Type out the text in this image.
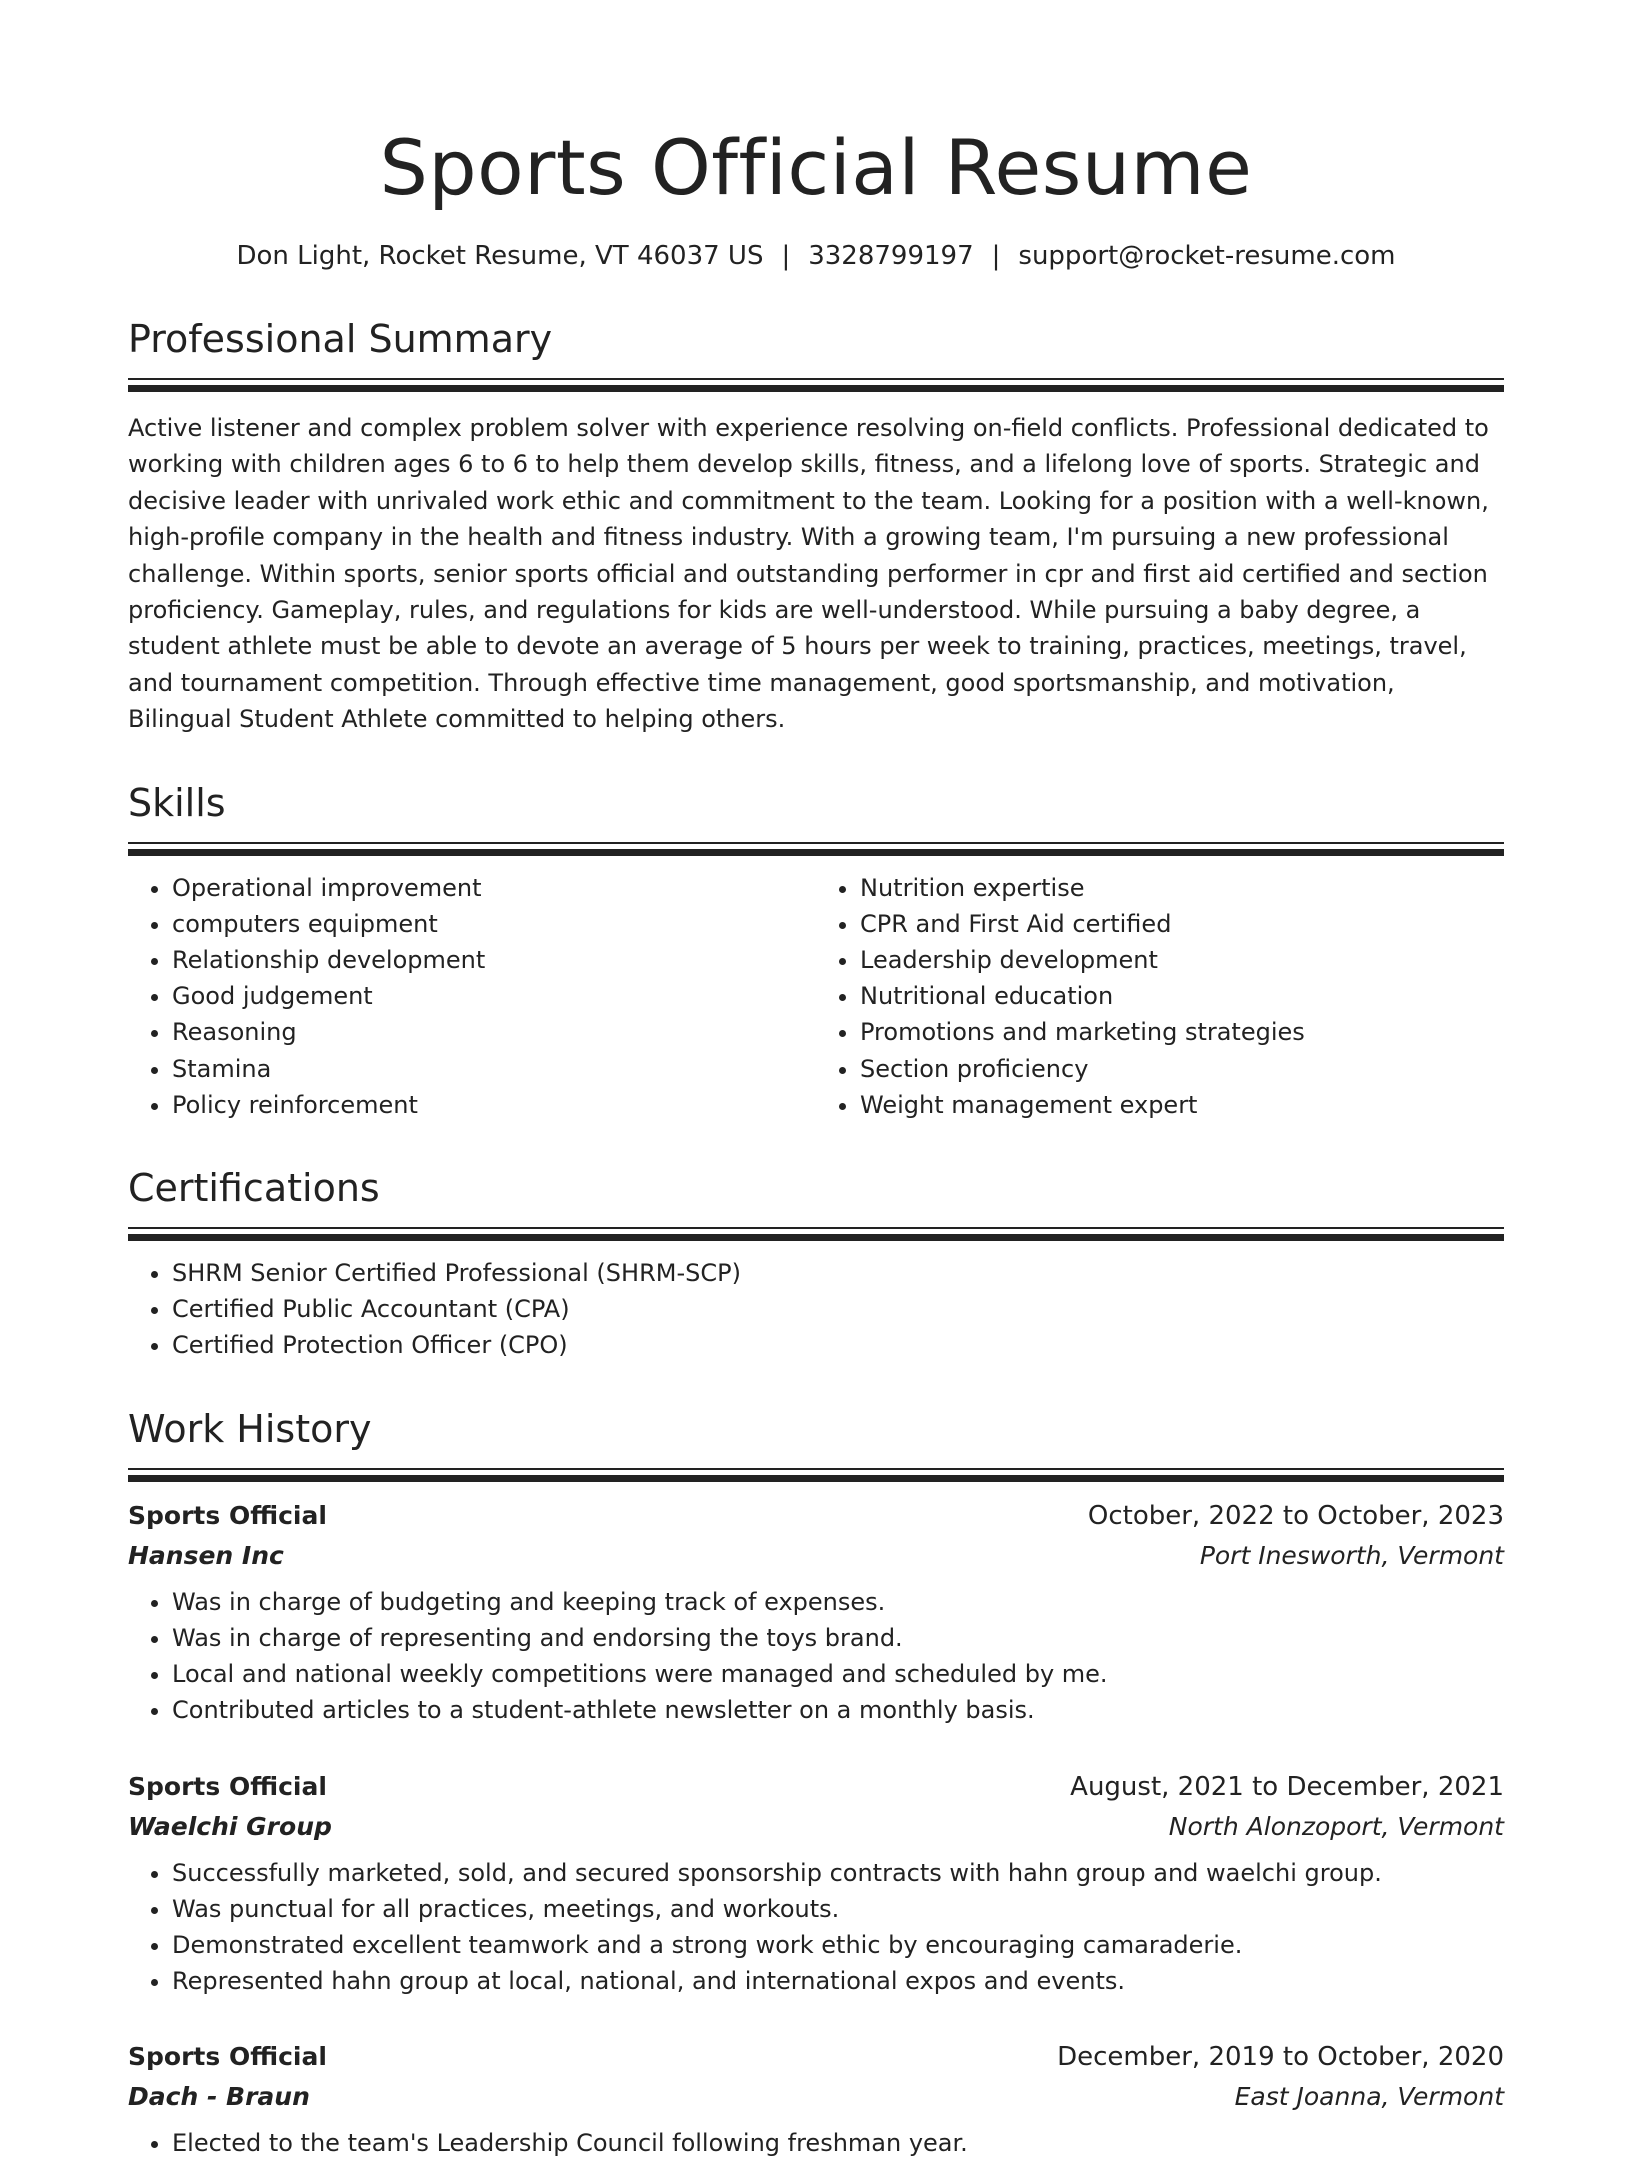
Sports Official Resume
Don Light, Rocket Resume, VT 46037 US | 3328799197 | support@rocket-resume.com
Professional Summary

Active listener and complex problem solver with experience resolving on-field conflicts. Professional dedicated to working with children ages 6 to 6 to help them develop skills, fitness, and a lifelong love of sports. Strategic and decisive leader with unrivaled work ethic and commitment to the team. Looking for a position with a well-known, high-profile company in the health and fitness industry. With a growing team, I'm pursuing a new professional challenge. Within sports, senior sports official and outstanding performer in cpr and first aid certified and section proficiency. Gameplay, rules, and regulations for kids are well-understood. While pursuing a baby degree, a student athlete must be able to devote an average of 5 hours per week to training, practices, meetings, travel, and tournament competition. Through effective time management, good sportsmanship, and motivation, Bilingual Student Athlete committed to helping others.

Skills
• Operational improvement
• computers equipment
• Relationship development
• Good judgement
• Reasoning
• Stamina
• Policy reinforcement
• Nutrition expertise
• CPR and First Aid certified
• Leadership development
• Nutritional education
• Promotions and marketing strategies
• Section proficiency
• Weight management expert
Certifications
• SHRM Senior Certified Professional (SHRM-SCP)
• Certified Public Accountant (CPA)
• Certified Protection Officer (CPO)
Work History
Sports Official	October, 2022 to October, 2023
Hansen Inc	Port Inesworth, Vermont
• Was in charge of budgeting and keeping track of expenses.
• Was in charge of representing and endorsing the toys brand.
• Local and national weekly competitions were managed and scheduled by me.
• Contributed articles to a student-athlete newsletter on a monthly basis.
Sports Official	August, 2021 to December, 2021
Waelchi Group	North Alonzoport, Vermont
• Successfully marketed, sold, and secured sponsorship contracts with hahn group and waelchi group.
• Was punctual for all practices, meetings, and workouts.
• Demonstrated excellent teamwork and a strong work ethic by encouraging camaraderie.
• Represented hahn group at local, national, and international expos and events.
Sports Official	December, 2019 to October, 2020
Dach - Braun	East Joanna, Vermont
• Elected to the team's Leadership Council following freshman year.
